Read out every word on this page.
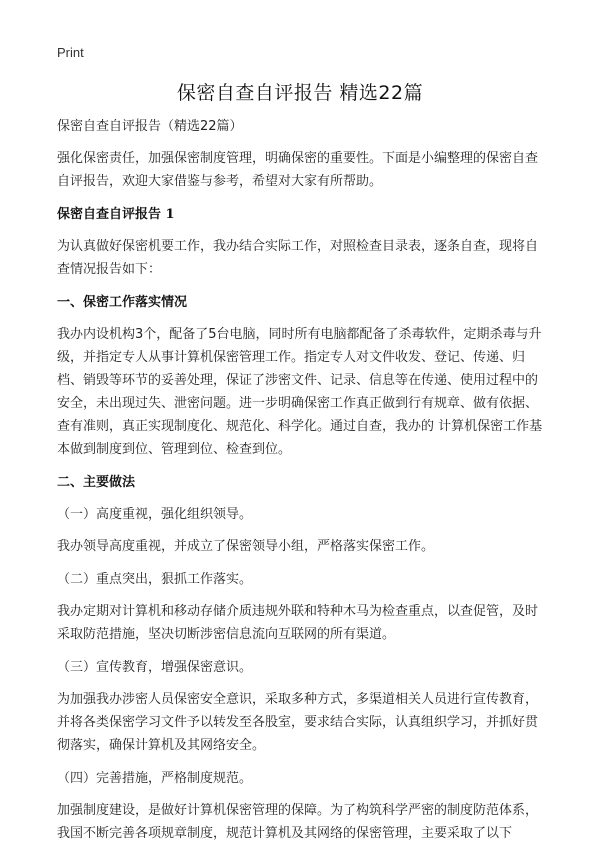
Print
保密自查自评报告 精选22篇

保密自查自评报告（精选22篇）

强化保密责任，加强保密制度管理，明确保密的重要性。下面是小编整理的保密自查自评报告，欢迎大家借鉴与参考，希望对大家有所帮助。

保密自查自评报告 1

为认真做好保密机要工作，我办结合实际工作，对照检查目录表，逐条自查，现将自查情况报告如下：

一、保密工作落实情况

我办内设机构3个，配备了5台电脑，同时所有电脑都配备了杀毒软件，定期杀毒与升级，并指定专人从事计算机保密管理工作。指定专人对文件收发、登记、传递、归档、销毁等环节的妥善处理，保证了涉密文件、记录、信息等在传递、使用过程中的安全，未出现过失、泄密问题。进一步明确保密工作真正做到行有规章、做有依据、查有准则，真正实现制度化、规范化、科学化。通过自查，我办的 计算机保密工作基本做到制度到位、管理到位、检查到位。

二、主要做法

（一）高度重视，强化组织领导。

我办领导高度重视，并成立了保密领导小组，严格落实保密工作。

（二）重点突出，狠抓工作落实。

我办定期对计算机和移动存储介质违规外联和特种木马为检查重点，以查促管，及时采取防范措施，坚决切断涉密信息流向互联网的所有渠道。

（三）宣传教育，增强保密意识。

为加强我办涉密人员保密安全意识，采取多种方式，多渠道相关人员进行宣传教育，并将各类保密学习文件予以转发至各股室，要求结合实际，认真组织学习，并抓好贯彻落实，确保计算机及其网络安全。

（四）完善措施，严格制度规范。

加强制度建设，是做好计算机保密管理的保障。为了构筑科学严密的制度防范体系，我国不断完善各项规章制度，规范计算机及其网络的保密管理，主要采取了以下
